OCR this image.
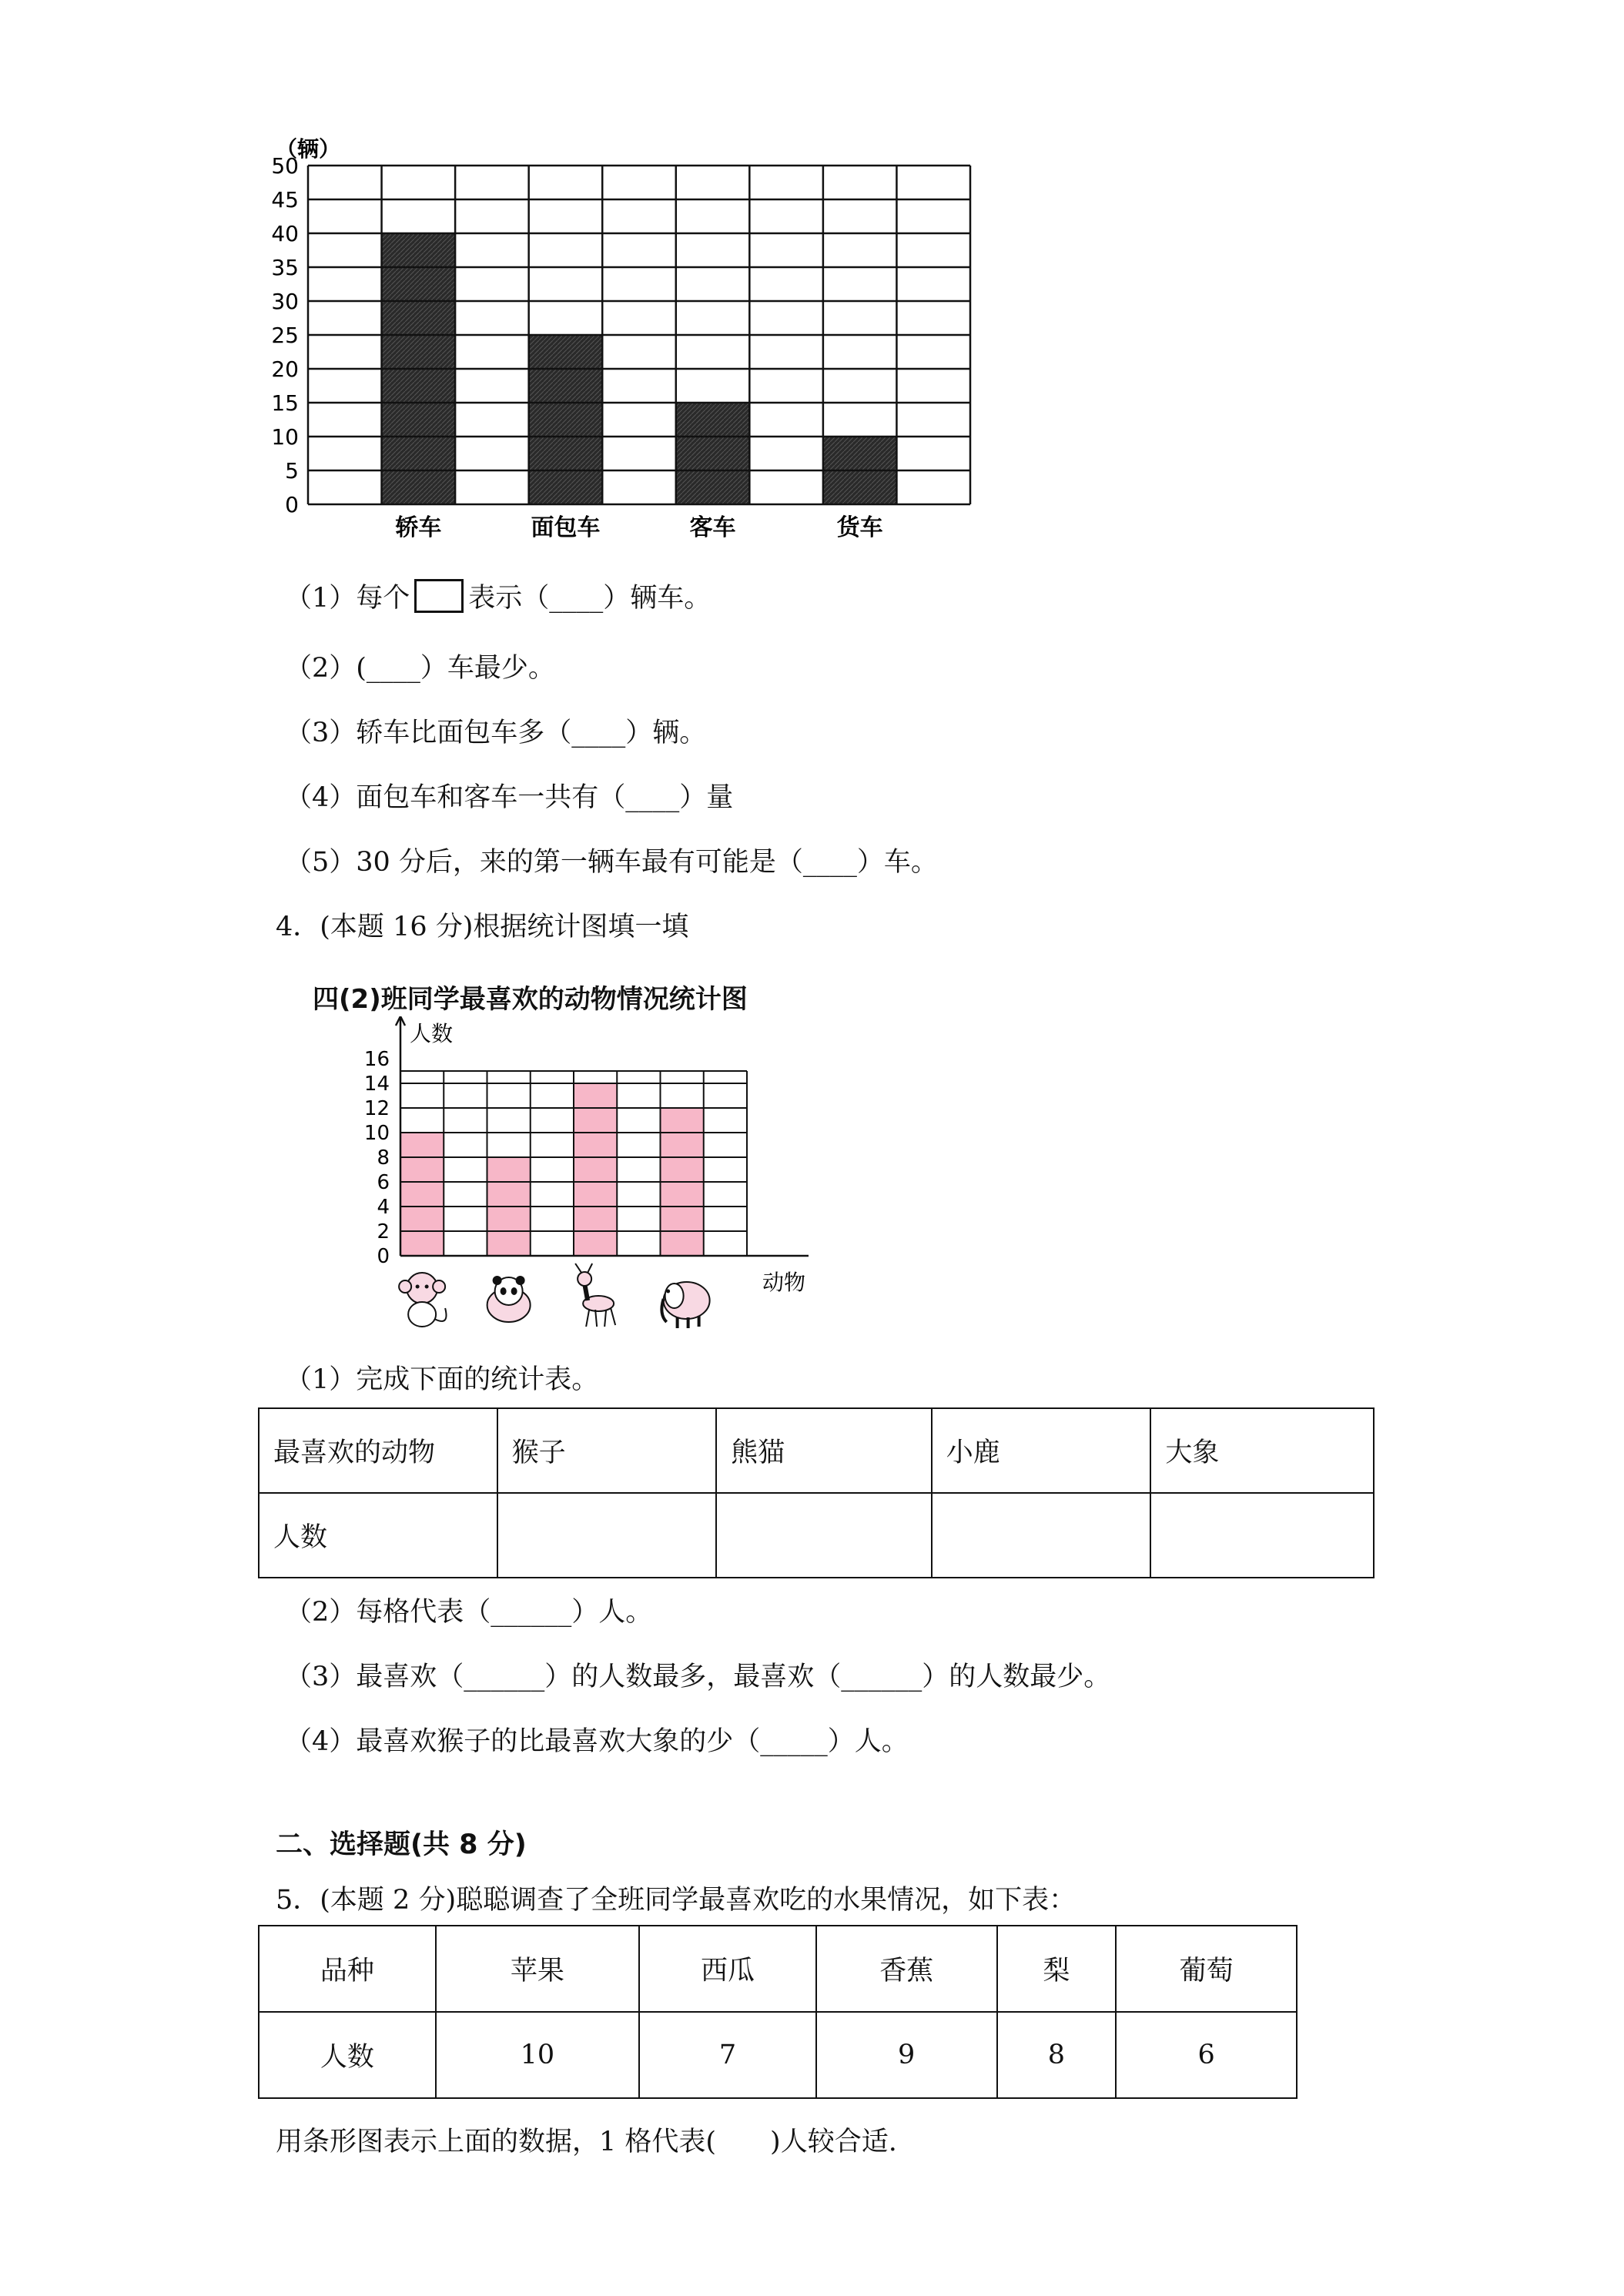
0
5
10
15
20
25
30
35
40
45
50
（辆）
轿车	面包车	客车	货车
（1）每个 表示（____）辆车。
（2）(____）车最少。
（3）轿车比面包车多（____）辆。
（4）面包车和客车一共有（____）量
（5）30 分后，来的第一辆车最有可能是（____）车。
4．(本题 16 分)根据统计图填一填
四(2)班同学最喜欢的动物情况统计图
0
2
4
6
8
10
12
14
16
人数
动物
（1）完成下面的统计表。
最喜欢的动物	猴子	熊猫	小鹿	大象
人数				
（2）每格代表（______）人。
（3）最喜欢（______）的人数最多，最喜欢（______）的人数最少。
（4）最喜欢猴子的比最喜欢大象的少（_____）人。
二、选择题(共 8 分)
5．(本题 2 分)聪聪调查了全班同学最喜欢吃的水果情况，如下表：
品种	苹果	西瓜	香蕉	梨	葡萄
人数	10	7	9	8	6
用条形图表示上面的数据，1 格代表(　　)人较合适.
